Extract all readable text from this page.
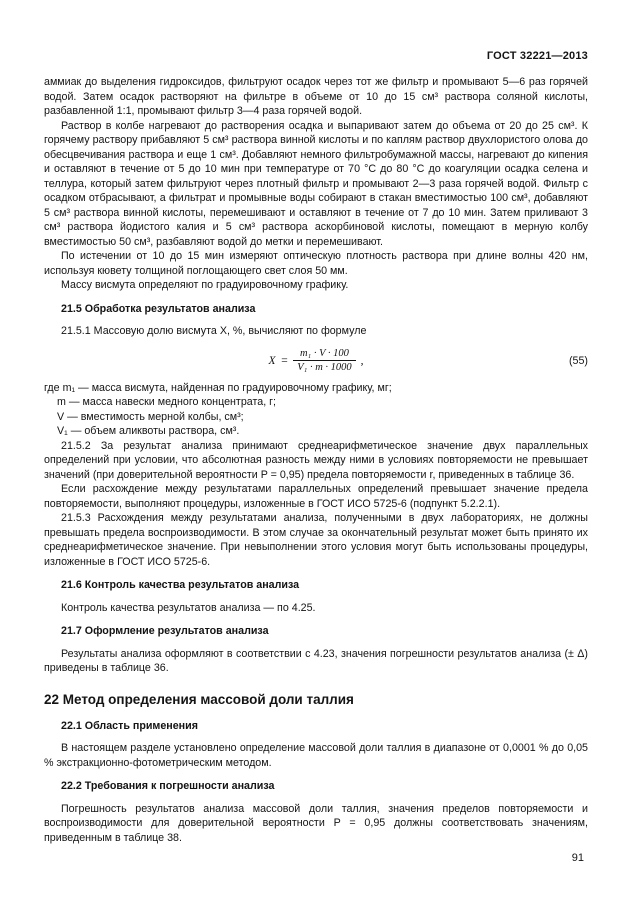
ГОСТ 32221—2013

аммиак до выделения гидроксидов, фильтруют осадок через тот же фильтр и промывают 5—6 раз горячей водой. Затем осадок растворяют на фильтре в объеме от 10 до 15 см³ раствора соляной кислоты, разбавленной 1:1, промывают фильтр 3—4 раза горячей водой.

Раствор в колбе нагревают до растворения осадка и выпаривают затем до объема от 20 до 25 см³. К горячему раствору прибавляют 5 см³ раствора винной кислоты и по каплям раствор двухлористого олова до обесцвечивания раствора и еще 1 см³. Добавляют немного фильтробумажной массы, нагревают до кипения и оставляют в течение от 5 до 10 мин при температуре от 70 °С до 80 °С до коагуляции осадка селена и теллура, который затем фильтруют через плотный фильтр и промывают 2—3 раза горячей водой. Фильтр с осадком отбрасывают, а фильтрат и промывные воды собирают в стакан вместимостью 100 см³, добавляют 5 см³ раствора винной кислоты, перемешивают и оставляют в течение от 7 до 10 мин. Затем приливают 3 см³ раствора йодистого калия и 5 см³ раствора аскорбиновой кислоты, помещают в мерную колбу вместимостью 50 см³, разбавляют водой до метки и перемешивают.

По истечении от 10 до 15 мин измеряют оптическую плотность раствора при длине волны 420 нм, используя кювету толщиной поглощающего свет слоя 50 мм.

Массу висмута определяют по градуировочному графику.

21.5 Обработка результатов анализа

21.5.1 Массовую долю висмута X, %, вычисляют по формуле

$X = \frac{\text{m₁ · V · 100}}{\text{V₁ · m · 1000}}$ ,	(55)

где m₁ — масса висмута, найденная по градуировочному графику, мг;

m — масса навески медного концентрата, г;

V — вместимость мерной колбы, см³;

V₁ — объем аликвоты раствора, см³.

21.5.2 За результат анализа принимают среднеарифметическое значение двух параллельных определений при условии, что абсолютная разность между ними в условиях повторяемости не превышает значений (при доверительной вероятности P = 0,95) предела повторяемости r, приведенных в таблице 36.

Если расхождение между результатами параллельных определений превышает значение предела повторяемости, выполняют процедуры, изложенные в ГОСТ ИСО 5725-6 (подпункт 5.2.2.1).

21.5.3 Расхождения между результатами анализа, полученными в двух лабораториях, не должны превышать предела воспроизводимости. В этом случае за окончательный результат может быть принято их среднеарифметическое значение. При невыполнении этого условия могут быть использованы процедуры, изложенные в ГОСТ ИСО 5725-6.

21.6 Контроль качества результатов анализа

Контроль качества результатов анализа — по 4.25.

21.7 Оформление результатов анализа

Результаты анализа оформляют в соответствии с 4.23, значения погрешности результатов анализа (± Δ) приведены в таблице 36.

22 Метод определения массовой доли таллия
22.1 Область применения

В настоящем разделе установлено определение массовой доли таллия в диапазоне от 0,0001 % до 0,05 % экстракционно-фотометрическим методом.

22.2 Требования к погрешности анализа

Погрешность результатов анализа массовой доли таллия, значения пределов повторяемости и воспроизводимости для доверительной вероятности P = 0,95 должны соответствовать значениям, приведенным в таблице 38.

91
